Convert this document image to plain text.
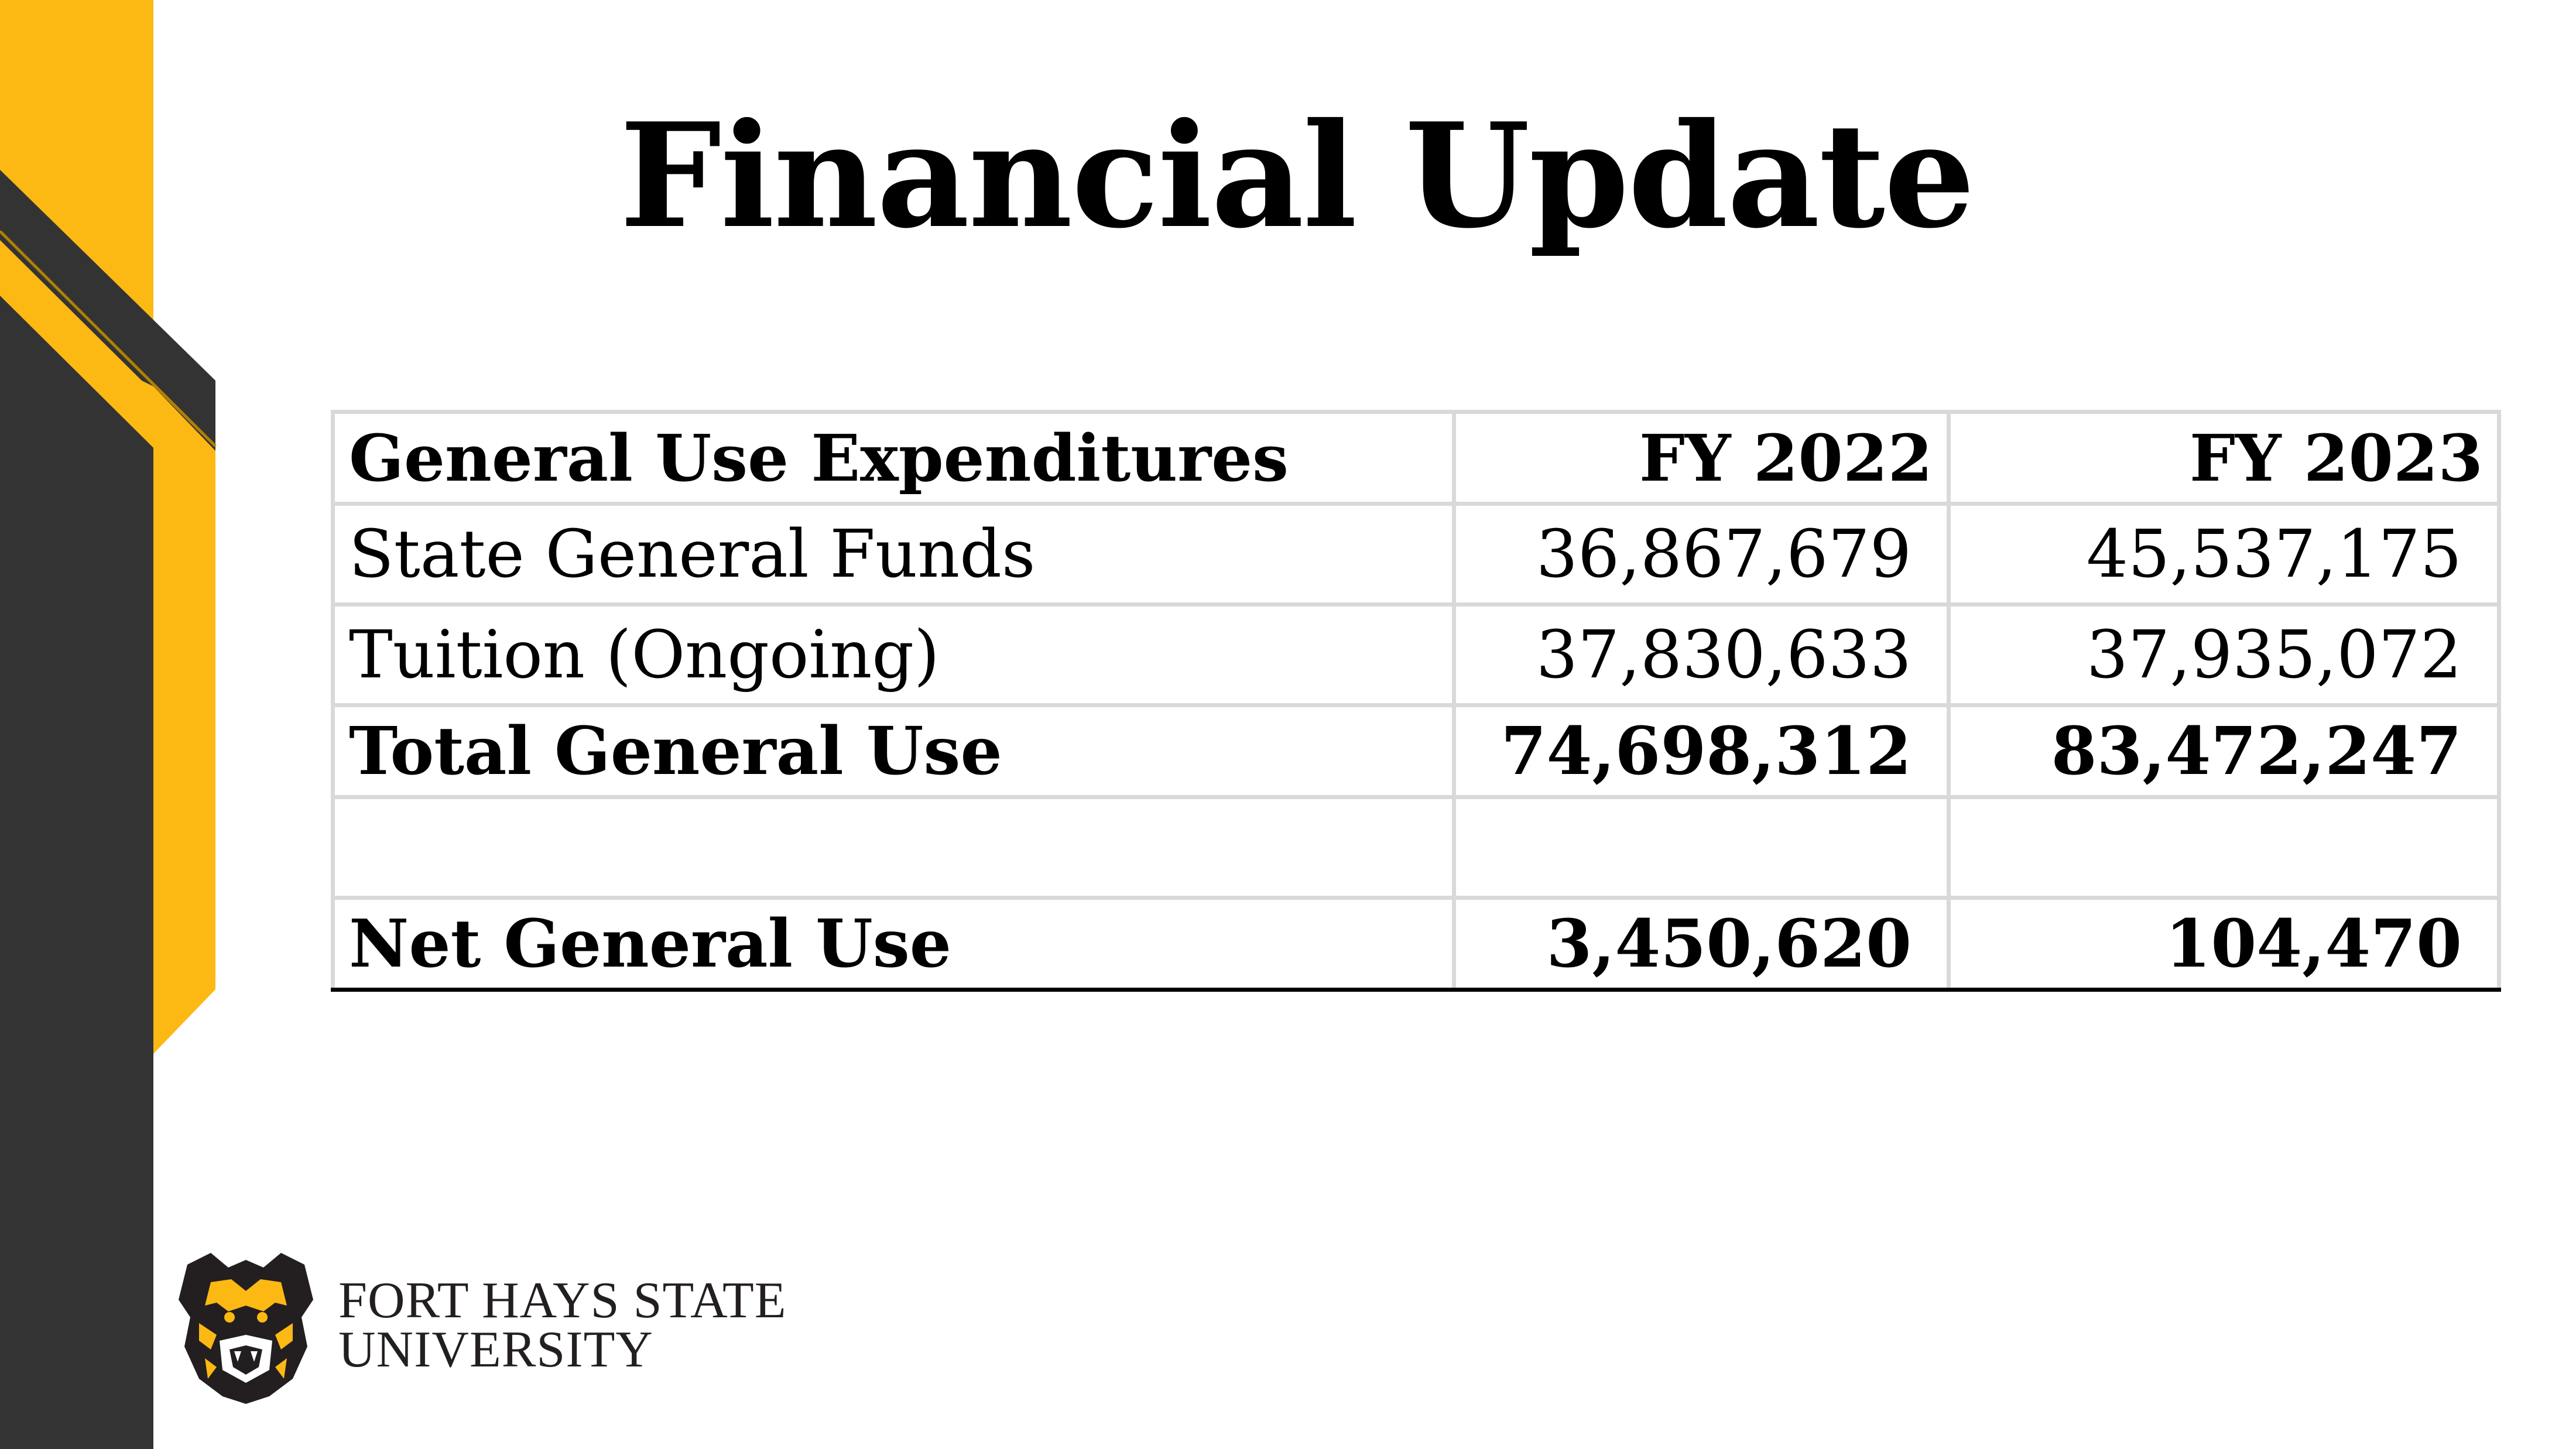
Financial Update
General Use Expenditures	FY 2022	FY 2023
State General Funds	36,867,679	45,537,175
Tuition (Ongoing)	37,830,633	37,935,072
Total General Use	74,698,312	83,472,247

Net General Use	3,450,620	104,470
FORT HAYS STATE
UNIVERSITY
